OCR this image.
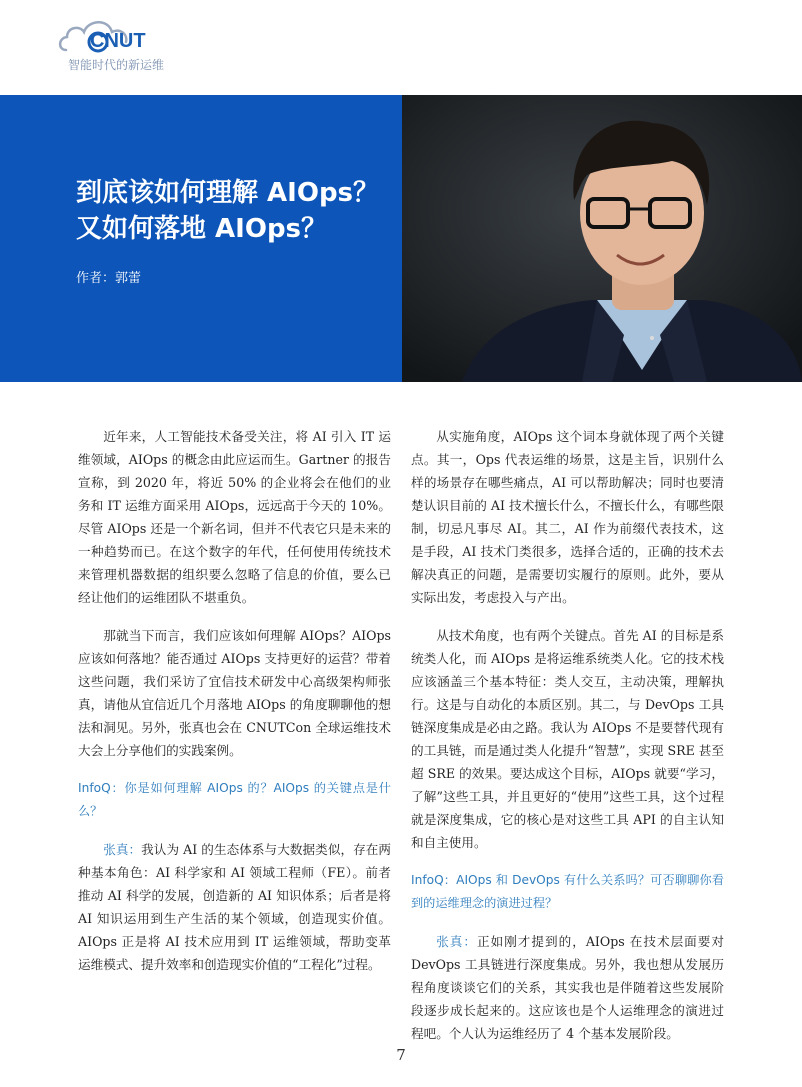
CNUT
智能时代的新运维
到底该如何理解 AIOps？
又如何落地 AIOps？
作者：郭蕾

近年来，人工智能技术备受关注，将 AI 引入 IT 运维领域，AIOps 的概念由此应运而生。Gartner 的报告宣称，到 2020 年，将近 50% 的企业将会在他们的业务和 IT 运维方面采用 AIOps，远远高于今天的 10%。尽管 AIOps 还是一个新名词，但并不代表它只是未来的一种趋势而已。在这个数字的年代，任何使用传统技术来管理机器数据的组织要么忽略了信息的价值，要么已经让他们的运维团队不堪重负。

那就当下而言，我们应该如何理解 AIOps？AIOps 应该如何落地？能否通过 AIOps 支持更好的运营？带着这些问题，我们采访了宜信技术研发中心高级架构师张真，请他从宜信近几个月落地 AIOps 的角度聊聊他的想法和洞见。另外，张真也会在 CNUTCon 全球运维技术大会上分享他们的实践案例。

InfoQ：你是如何理解 AIOps 的？AIOps 的关键点是什么？

张真：我认为 AI 的生态体系与大数据类似，存在两种基本角色：AI 科学家和 AI 领域工程师（FE）。前者推动 AI 科学的发展，创造新的 AI 知识体系；后者是将 AI 知识运用到生产生活的某个领域，创造现实价值。AIOps 正是将 AI 技术应用到 IT 运维领域，帮助变革运维模式、提升效率和创造现实价值的“工程化”过程。

从实施角度，AIOps 这个词本身就体现了两个关键点。其一，Ops 代表运维的场景，这是主旨，识别什么样的场景存在哪些痛点，AI 可以帮助解决；同时也要清楚认识目前的 AI 技术擅长什么，不擅长什么，有哪些限制，切忌凡事尽 AI。其二，AI 作为前缀代表技术，这是手段，AI 技术门类很多，选择合适的，正确的技术去解决真正的问题，是需要切实履行的原则。此外，要从实际出发，考虑投入与产出。

从技术角度，也有两个关键点。首先 AI 的目标是系统类人化，而 AIOps 是将运维系统类人化。它的技术栈应该涵盖三个基本特征：类人交互，主动决策，理解执行。这是与自动化的本质区别。其二，与 DevOps 工具链深度集成是必由之路。我认为 AIOps 不是要替代现有的工具链，而是通过类人化提升“智慧”，实现 SRE 甚至超 SRE 的效果。要达成这个目标，AIOps 就要“学习，了解”这些工具，并且更好的“使用”这些工具，这个过程就是深度集成，它的核心是对这些工具 API 的自主认知和自主使用。

InfoQ：AIOps 和 DevOps 有什么关系吗？可否聊聊你看到的运维理念的演进过程？

张真：正如刚才提到的，AIOps 在技术层面要对 DevOps 工具链进行深度集成。另外，我也想从发展历程角度谈谈它们的关系，其实我也是伴随着这些发展阶段逐步成长起来的。这应该也是个人运维理念的演进过程吧。个人认为运维经历了 4 个基本发展阶段。

7
